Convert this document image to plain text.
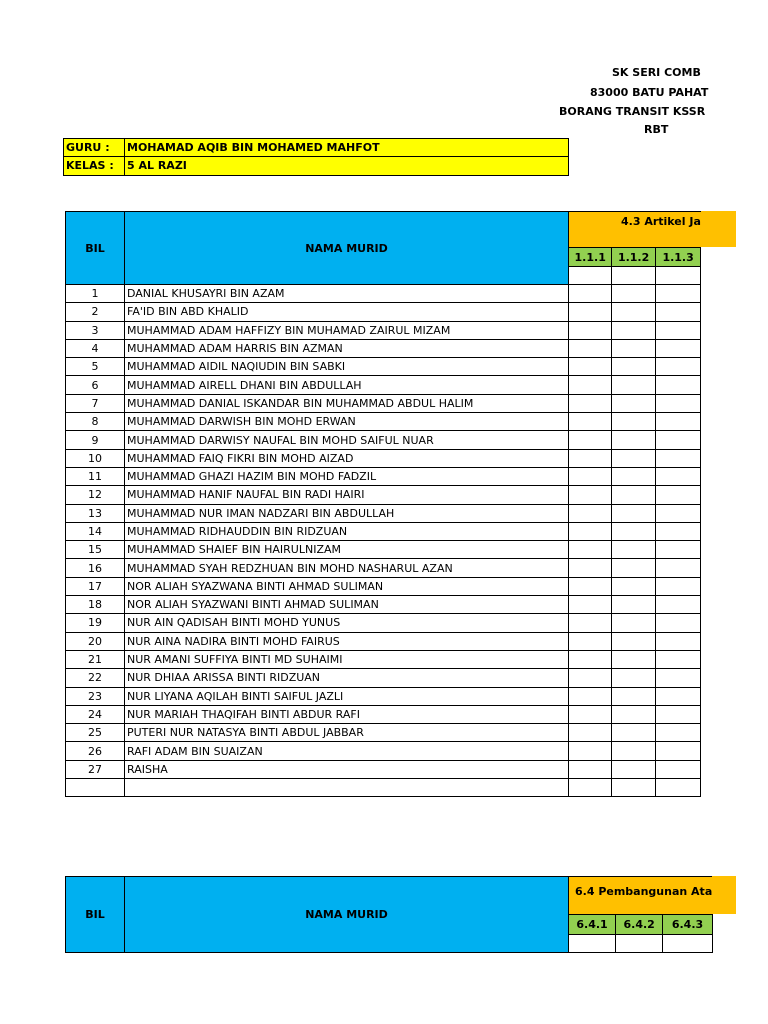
SK SERI COMB
83000 BATU PAHAT
BORANG TRANSIT KSSR
RBT
GURU :	MOHAMAD AQIB BIN MOHAMED MAHFOT
KELAS :	5 AL RAZI
BIL	NAMA MURID	4.3 Artikel Ja		

		1.1.1	1.1.2	1.1.3

1	DANIAL KHUSAYRI BIN AZAM			
2	FA'ID BIN ABD KHALID			
3	MUHAMMAD ADAM HAFFIZY BIN MUHAMAD ZAIRUL MIZAM			
4	MUHAMMAD ADAM HARRIS BIN AZMAN			
5	MUHAMMAD AIDIL NAQIUDIN BIN SABKI			
6	MUHAMMAD AIRELL DHANI BIN ABDULLAH			
7	MUHAMMAD DANIAL ISKANDAR BIN MUHAMMAD ABDUL HALIM			
8	MUHAMMAD DARWISH BIN MOHD ERWAN			
9	MUHAMMAD DARWISY NAUFAL BIN MOHD SAIFUL NUAR			
10	MUHAMMAD FAIQ FIKRI BIN MOHD AIZAD			
11	MUHAMMAD GHAZI HAZIM BIN MOHD FADZIL			
12	MUHAMMAD HANIF NAUFAL BIN RADI HAIRI			
13	MUHAMMAD NUR IMAN NADZARI BIN ABDULLAH			
14	MUHAMMAD RIDHAUDDIN BIN RIDZUAN			
15	MUHAMMAD SHAIEF BIN HAIRULNIZAM			
16	MUHAMMAD SYAH REDZHUAN BIN MOHD NASHARUL AZAN			
17	NOR ALIAH SYAZWANA BINTI AHMAD SULIMAN			
18	NOR ALIAH SYAZWANI BINTI AHMAD SULIMAN			
19	NUR AIN QADISAH BINTI MOHD YUNUS			
20	NUR AINA NADIRA BINTI MOHD FAIRUS			
21	NUR AMANI SUFFIYA BINTI MD SUHAIMI			
22	NUR DHIAA ARISSA BINTI RIDZUAN			
23	NUR LIYANA AQILAH BINTI SAIFUL JAZLI			
24	NUR MARIAH THAQIFAH BINTI ABDUR RAFI			
25	PUTERI NUR NATASYA BINTI ABDUL JABBAR			
26	RAFI ADAM BIN SUAIZAN			
27	RAISHA			

BIL	NAMA MURID	6.4 Pembangunan Ata		

		6.4.1	6.4.2	6.4.3
